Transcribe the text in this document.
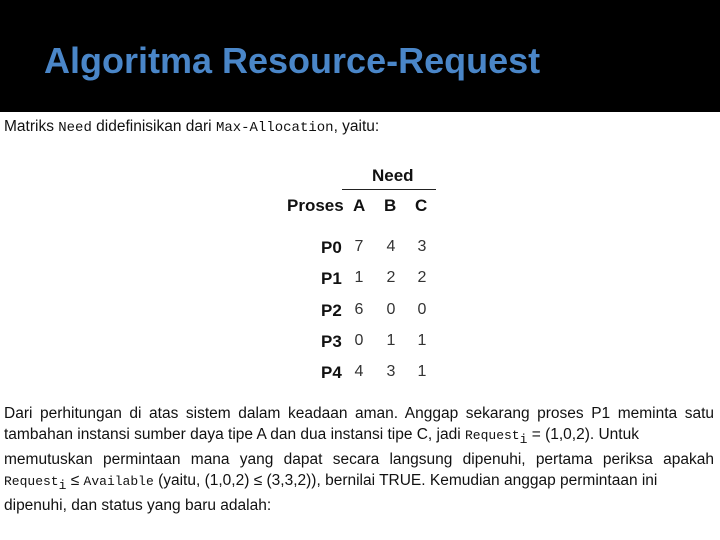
Algoritma Resource-Request
Matriks Need didefinisikan dari Max-Allocation, yaitu:
Need
Proses A B C
P0 7 4 3
P1 1 2 2
P2 6 0 0
P3 0 1 1
P4 4 3 1
Dari perhitungan di atas sistem dalam keadaan aman. Anggap sekarang proses P1 meminta satu
tambahan instansi sumber daya tipe A dan dua instansi tipe C, jadi Request$_i$ = (1,0,2). Untuk
memutuskan permintaan mana yang dapat secara langsung dipenuhi, pertama periksa apakah
Request$_i$ ≤ Available (yaitu, (1,0,2) ≤ (3,3,2)), bernilai TRUE. Kemudian anggap permintaan ini
dipenuhi, dan status yang baru adalah:
